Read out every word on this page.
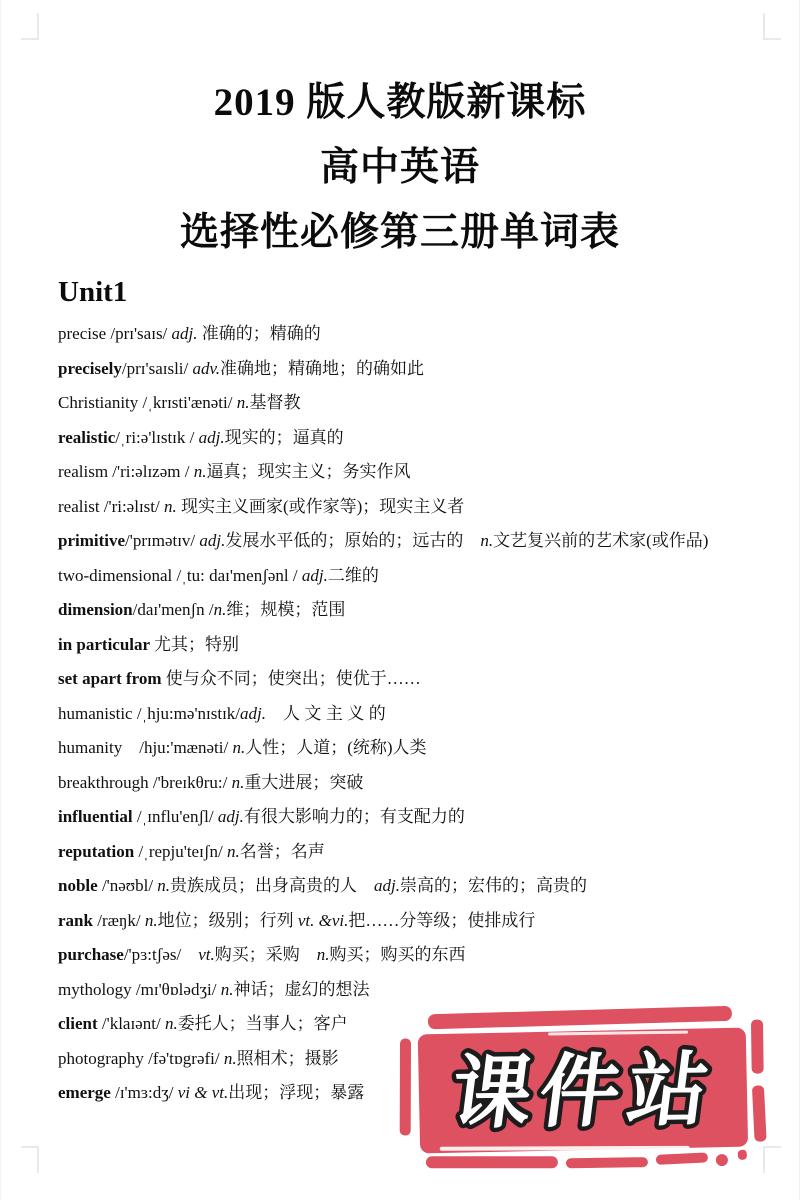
2019 版人教版新课标
高中英语
选择性必修第三册单词表
Unit1

precise /prɪ'saɪs/ adj. 准确的；精确的

precisely/prɪ'saɪsli/ adv.准确地；精确地；的确如此

Christianity /ˌkrɪsti'ænəti/ n.基督教

realistic/ˌri:ə'lɪstɪk / adj.现实的；逼真的

realism /'ri:əlɪzəm / n.逼真；现实主义；务实作风

realist /'ri:əlɪst/ n. 现实主义画家(或作家等)；现实主义者

primitive/'prɪmətɪv/ adj.发展水平低的；原始的；远古的　n.文艺复兴前的艺术家(或作品)

two-dimensional /ˌtu: daɪ'menʃənl / adj.二维的

dimension/daɪ'menʃn /n.维；规模；范围

in particular 尤其；特别

set apart from 使与众不同；使突出；使优于……

humanistic /ˌhju:mə'nɪstɪk/adj.　 人文主义的

humanity　/hju:'mænəti/ n.人性；人道；(统称)人类

breakthrough /'breɪkθru:/ n.重大进展；突破

influential /ˌɪnflu'enʃl/ adj.有很大影响力的；有支配力的

reputation /ˌrepju'teɪʃn/ n.名誉；名声

noble /'nəʊbl/ n.贵族成员；出身高贵的人　adj.崇高的；宏伟的；高贵的

rank /ræŋk/ n.地位；级别；行列 vt. &vi.把……分等级；使排成行

purchase/'pɜ:tʃəs/　vt.购买；采购　n.购买；购买的东西

mythology /mɪ'θɒlədʒi/ n.神话；虚幻的想法

client /'klaɪənt/ n.委托人；当事人；客户

photography /fə'tɒgrəfi/ n.照相术；摄影

emerge /ɪ'mɜ:dʒ/ vi & vt.出现；浮现；暴露	课件站
